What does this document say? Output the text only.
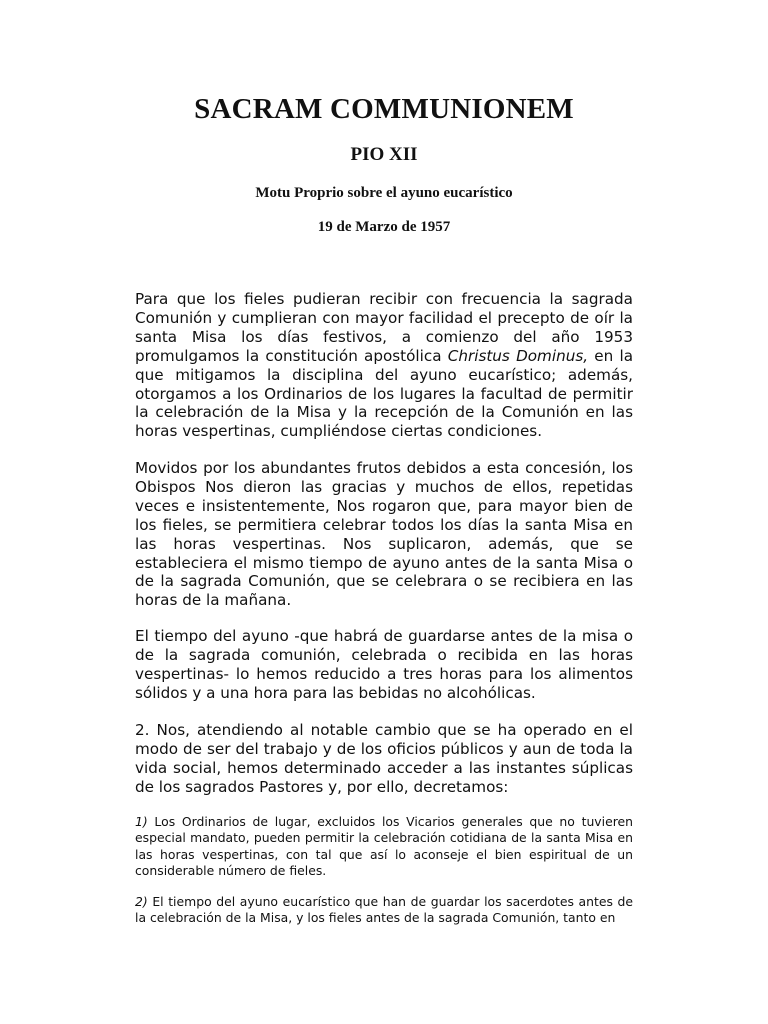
SACRAM COMMUNIONEM
PIO XII
Motu Proprio sobre el ayuno eucarístico
19 de Marzo de 1957

Para que los fieles pudieran recibir con frecuencia la sagrada Comunión y cumplieran con mayor facilidad el precepto de oír la santa Misa los días festivos, a comienzo del año 1953 promulgamos la constitución apostólica Christus Dominus, en la que mitigamos la disciplina del ayuno eucarístico; además, otorgamos a los Ordinarios de los lugares la facultad de permitir la celebración de la Misa y la recepción de la Comunión en las horas vespertinas, cumpliéndose ciertas condiciones.

Movidos por los abundantes frutos debidos a esta concesión, los Obispos Nos dieron las gracias y muchos de ellos, repetidas veces e insistentemente, Nos rogaron que, para mayor bien de los fieles, se permitiera celebrar todos los días la santa Misa en las horas vespertinas. Nos suplicaron, además, que se estableciera el mismo tiempo de ayuno antes de la santa Misa o de la sagrada Comunión, que se celebrara o se recibiera en las horas de la mañana.

El tiempo del ayuno -que habrá de guardarse antes de la misa o de la sagrada comunión, celebrada o recibida en las horas vespertinas- lo hemos reducido a tres horas para los alimentos sólidos y a una hora para las bebidas no alcohólicas.

2. Nos, atendiendo al notable cambio que se ha operado en el modo de ser del trabajo y de los oficios públicos y aun de toda la vida social, hemos determinado acceder a las instantes súplicas de los sagrados Pastores y, por ello, decretamos:

1) Los Ordinarios de lugar, excluidos los Vicarios generales que no tuvieren especial mandato, pueden permitir la celebración cotidiana de la santa Misa en las horas vespertinas, con tal que así lo aconseje el bien espiritual de un considerable número de fieles.

2) El tiempo del ayuno eucarístico que han de guardar los sacerdotes antes de la celebración de la Misa, y los fieles antes de la sagrada Comunión, tanto en
